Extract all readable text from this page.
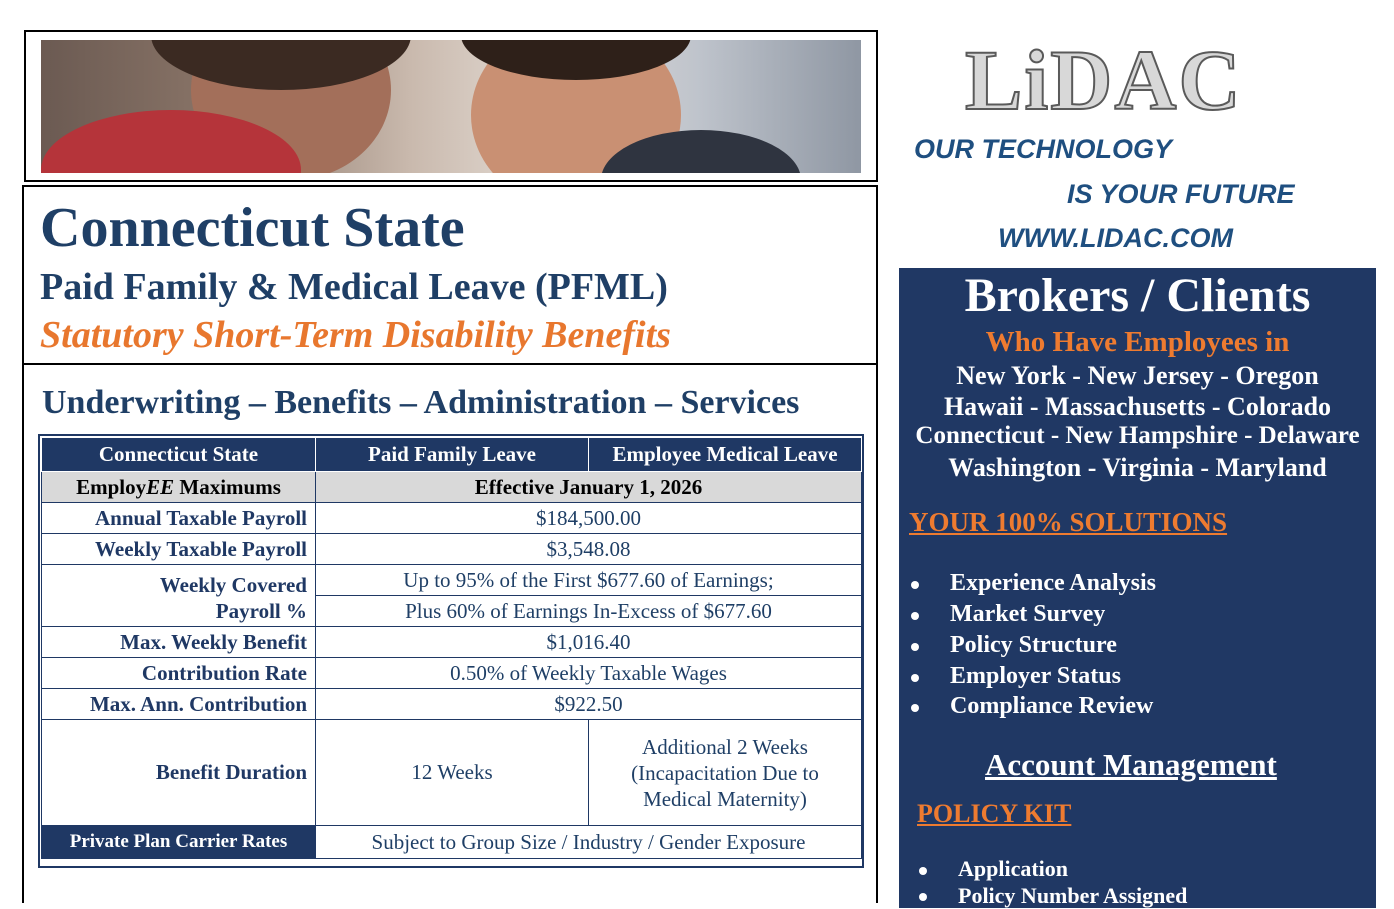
Connecticut State
Paid Family & Medical Leave (PFML)
Statutory Short-Term Disability Benefits
Underwriting – Benefits – Administration – Services
Connecticut State	Paid Family Leave	Employee Medical Leave
EmployEE Maximums	Effective January 1, 2026	
Annual Taxable Payroll	$184,500.00	
Weekly Taxable Payroll	$3,548.08	

Weekly Covered
Payroll %	Up to 95% of the First $677.60 of Earnings;	
	Plus 60% of Earnings In-Excess of $677.60	
Max. Weekly Benefit	$1,016.40	
Contribution Rate	0.50% of Weekly Taxable Wages	
Max. Ann. Contribution	$922.50	
Benefit Duration	12 Weeks	Additional 2 Weeks
(Incapacitation Due to
Medical Maternity)

Private Plan Carrier Rates	Subject to Group Size / Industry / Gender Exposure	
LiDAC
OUR TECHNOLOGY
IS YOUR FUTURE
WWW.LIDAC.COM
Brokers / Clients
Who Have Employees in
New York - New Jersey - Oregon
Hawaii - Massachusetts - Colorado
Connecticut - New Hampshire - Delaware
Washington - Virginia - Maryland
YOUR 100% SOLUTIONS
Experience Analysis
Market Survey
Policy Structure
Employer Status
Compliance Review
Account Management
POLICY KIT
Application
Policy Number Assigned
